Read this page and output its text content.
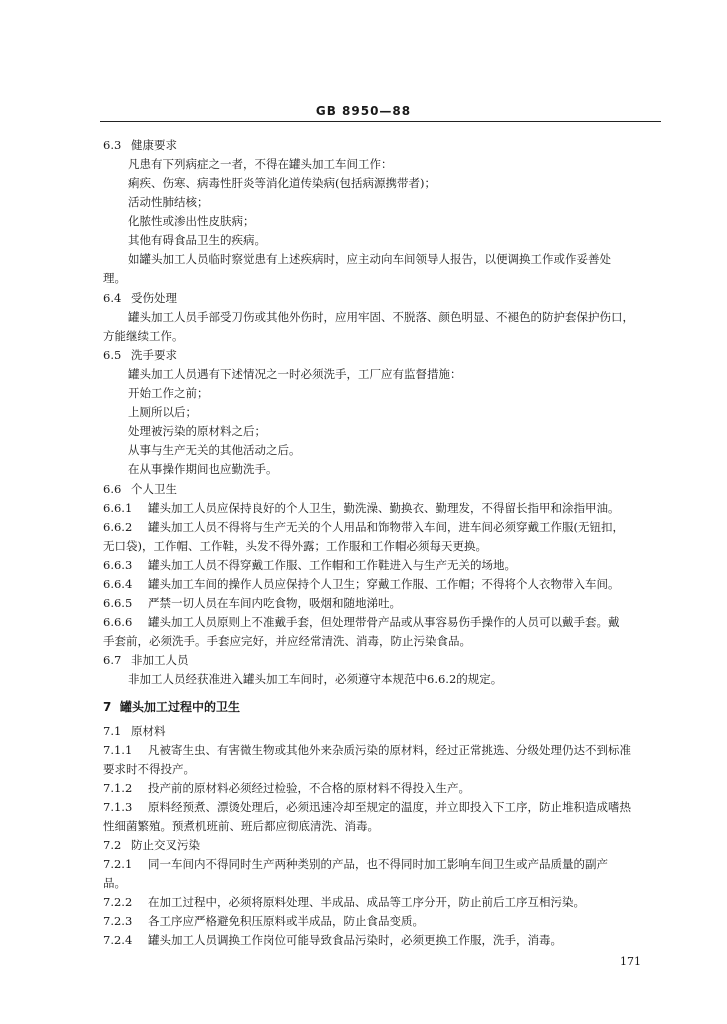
GB 8950—88
6.3 健康要求
凡患有下列病症之一者，不得在罐头加工车间工作：
痢疾、伤寒、病毒性肝炎等消化道传染病(包括病源携带者)；
活动性肺结核；
化脓性或渗出性皮肤病；
其他有碍食品卫生的疾病。
如罐头加工人员临时察觉患有上述疾病时，应主动向车间领导人报告，以便调换工作或作妥善处
理。
6.4 受伤处理
罐头加工人员手部受刀伤或其他外伤时，应用牢固、不脱落、颜色明显、不褪色的防护套保护伤口，
方能继续工作。
6.5 洗手要求
罐头加工人员遇有下述情况之一时必须洗手，工厂应有监督措施：
开始工作之前；
上厕所以后；
处理被污染的原材料之后；
从事与生产无关的其他活动之后。
在从事操作期间也应勤洗手。
6.6 个人卫生
6.6.1 罐头加工人员应保持良好的个人卫生，勤洗澡、勤换衣、勤理发，不得留长指甲和涂指甲油。
6.6.2 罐头加工人员不得将与生产无关的个人用品和饰物带入车间，进车间必须穿戴工作服(无钮扣，
无口袋)，工作帽、工作鞋，头发不得外露；工作服和工作帽必须每天更换。
6.6.3 罐头加工人员不得穿戴工作服、工作帽和工作鞋进入与生产无关的场地。
6.6.4 罐头加工车间的操作人员应保持个人卫生；穿戴工作服、工作帽；不得将个人衣物带入车间。
6.6.5 严禁一切人员在车间内吃食物，吸烟和随地涕吐。
6.6.6 罐头加工人员原则上不准戴手套，但处理带骨产品或从事容易伤手操作的人员可以戴手套。戴
手套前，必须洗手。手套应完好，并应经常清洗、消毒，防止污染食品。
6.7 非加工人员
非加工人员经获准进入罐头加工车间时，必须遵守本规范中6.6.2的规定。
7 罐头加工过程中的卫生
7.1 原材料
7.1.1 凡被寄生虫、有害微生物或其他外来杂质污染的原材料，经过正常挑选、分级处理仍达不到标准
要求时不得投产。
7.1.2 投产前的原材料必须经过检验，不合格的原材料不得投入生产。
7.1.3 原料经预煮、漂烫处理后，必须迅速冷却至规定的温度，并立即投入下工序，防止堆积造成嗜热
性细菌繁殖。预煮机班前、班后都应彻底清洗、消毒。
7.2 防止交叉污染
7.2.1 同一车间内不得同时生产两种类别的产品，也不得同时加工影响车间卫生或产品质量的副产
品。
7.2.2 在加工过程中，必须将原料处理、半成品、成品等工序分开，防止前后工序互相污染。
7.2.3 各工序应严格避免积压原料或半成品，防止食品变质。
7.2.4 罐头加工人员调换工作岗位可能导致食品污染时，必须更换工作服，洗手，消毒。
171
